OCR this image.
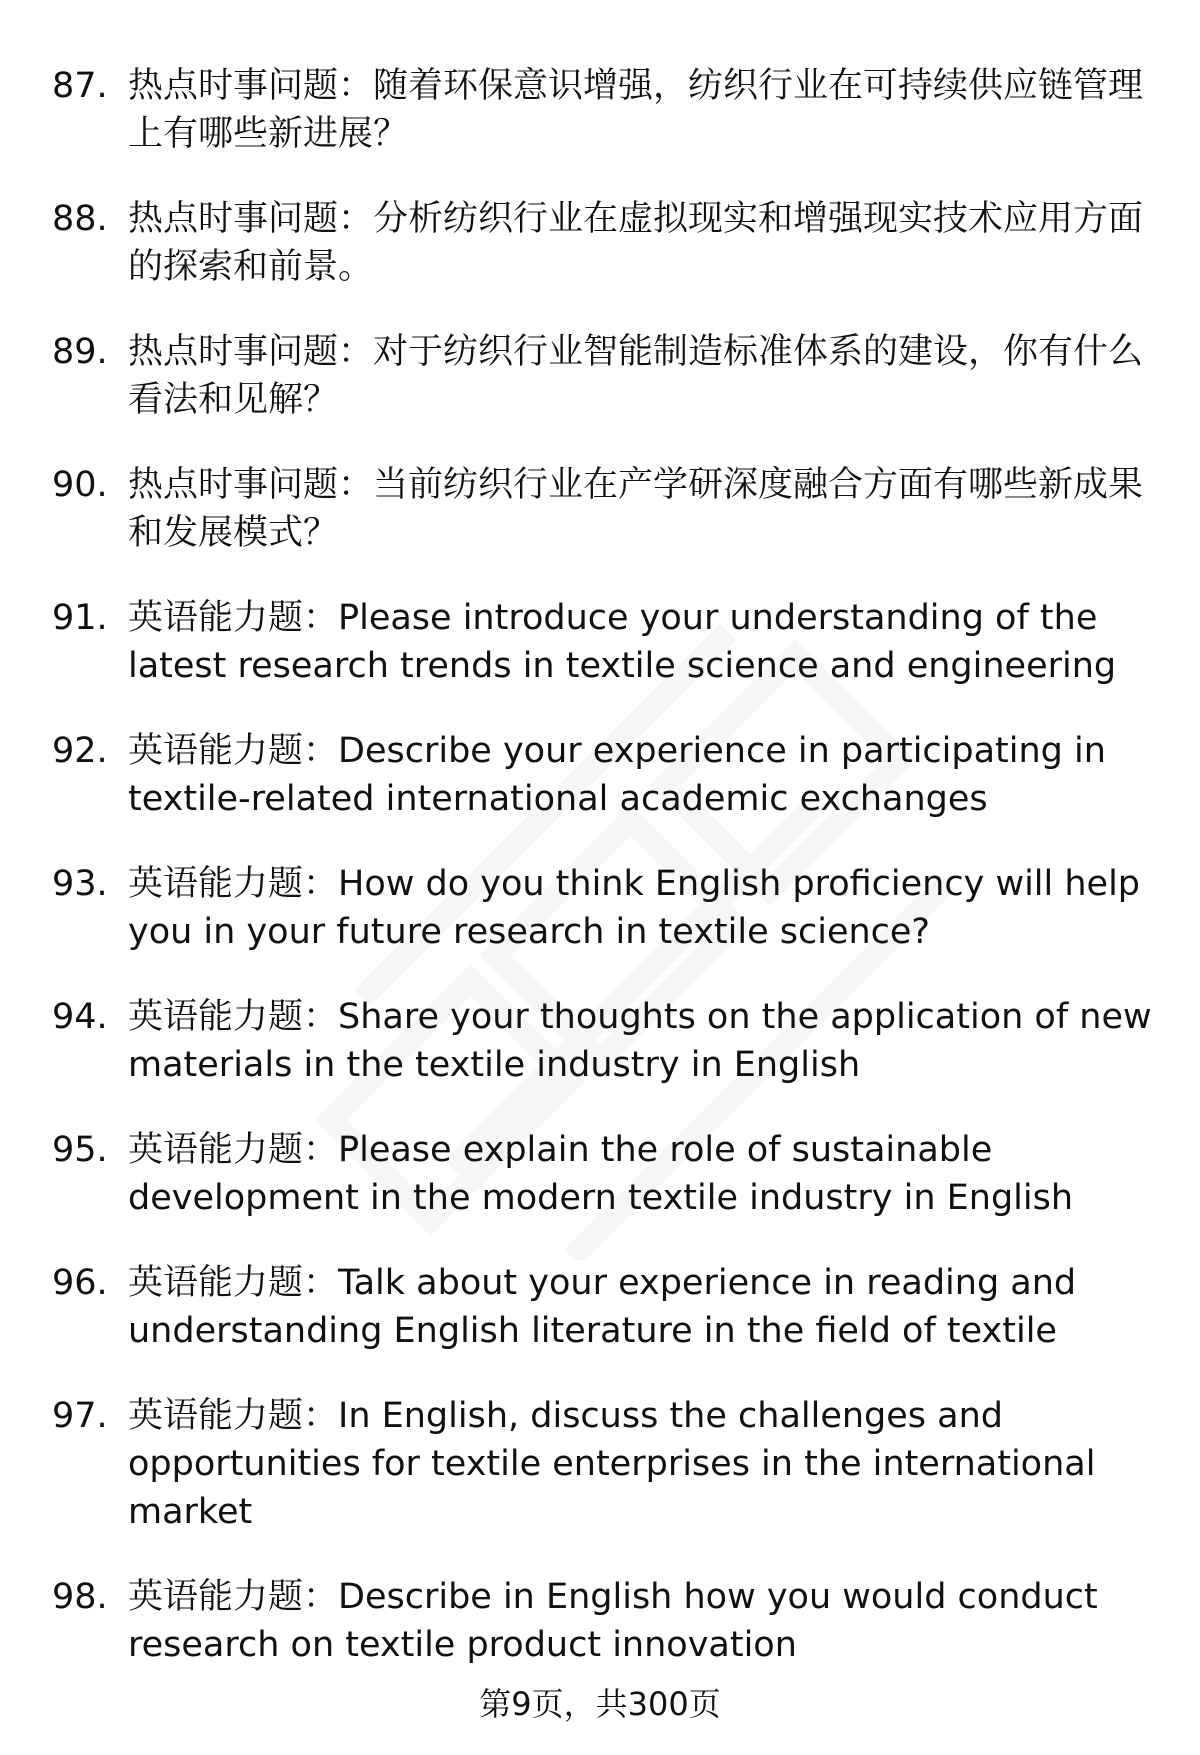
87. 热点时事问题：随着环保意识增强，纺织行业在可持续供应链管理上有哪些新进展？
88. 热点时事问题：分析纺织行业在虚拟现实和增强现实技术应用方面的探索和前景。
89. 热点时事问题：对于纺织行业智能制造标准体系的建设，你有什么看法和见解？
90. 热点时事问题：当前纺织行业在产学研深度融合方面有哪些新成果和发展模式？
91. 英语能力题：Please introduce your understanding of the latest research trends in textile science and engineering
92. 英语能力题：Describe your experience in participating in textile-related international academic exchanges
93. 英语能力题：How do you think English proficiency will help you in your future research in textile science?
94. 英语能力题：Share your thoughts on the application of new materials in the textile industry in English
95. 英语能力题：Please explain the role of sustainable development in the modern textile industry in English
96. 英语能力题：Talk about your experience in reading and understanding English literature in the field of textile
97. 英语能力题：In English, discuss the challenges and opportunities for textile enterprises in the international market
98. 英语能力题：Describe in English how you would conduct research on textile product innovation
第9页，共300页
